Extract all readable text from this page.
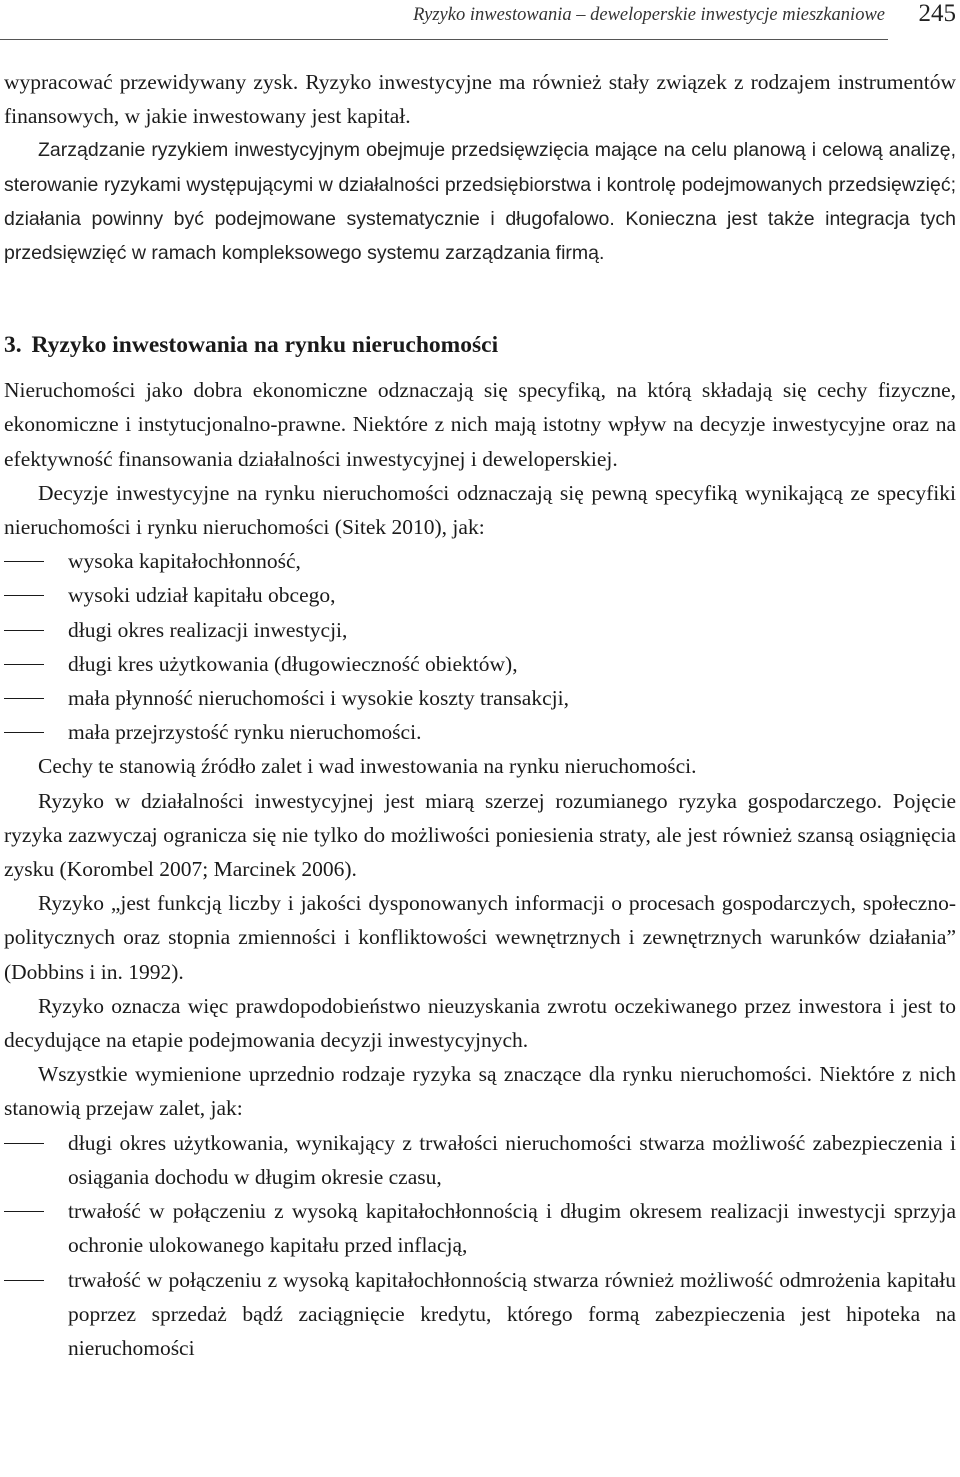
Ryzyko inwestowania – deweloperskie inwestycje mieszkaniowe 245

wypracować przewidywany zysk. Ryzyko inwestycyjne ma również stały związek z rodzajem instrumentów finansowych, w jakie inwestowany jest kapitał.

Zarządzanie ryzykiem inwestycyjnym obejmuje przedsięwzięcia mające na celu planową i celową analizę, sterowanie ryzykami występującymi w działalności przedsiębiorstwa i kontrolę podejmowanych przedsięwzięć; działania powinny być podejmowane systematycznie i długofalowo. Konieczna jest także integracja tych przedsięwzięć w ramach kompleksowego systemu zarządzania firmą.

3. Ryzyko inwestowania na rynku nieruchomości

Nieruchomości jako dobra ekonomiczne odznaczają się specyfiką, na którą składają się cechy fizyczne, ekonomiczne i instytucjonalno-prawne. Niektóre z nich mają istotny wpływ na decyzje inwestycyjne oraz na efektywność finansowania działalności inwestycyjnej i deweloperskiej.

Decyzje inwestycyjne na rynku nieruchomości odznaczają się pewną specyfiką wynikającą ze specyfiki nieruchomości i rynku nieruchomości (Sitek 2010), jak:

wysoka kapitałochłonność,
wysoki udział kapitału obcego,
długi okres realizacji inwestycji,
długi kres użytkowania (długowieczność obiektów),
mała płynność nieruchomości i wysokie koszty transakcji,
mała przejrzystość rynku nieruchomości.

Cechy te stanowią źródło zalet i wad inwestowania na rynku nieruchomości.

Ryzyko w działalności inwestycyjnej jest miarą szerzej rozumianego ryzyka gospodarczego. Pojęcie ryzyka zazwyczaj ogranicza się nie tylko do możliwości poniesienia straty, ale jest również szansą osiągnięcia zysku (Korombel 2007; Marcinek 2006).

Ryzyko „jest funkcją liczby i jakości dysponowanych informacji o procesach gospodarczych, społeczno-politycznych oraz stopnia zmienności i konfliktowości wewnętrznych i zewnętrznych warunków działania” (Dobbins i in. 1992).

Ryzyko oznacza więc prawdopodobieństwo nieuzyskania zwrotu oczekiwanego przez inwestora i jest to decydujące na etapie podejmowania decyzji inwestycyjnych.

Wszystkie wymienione uprzednio rodzaje ryzyka są znaczące dla rynku nieruchomości. Niektóre z nich stanowią przejaw zalet, jak:

długi okres użytkowania, wynikający z trwałości nieruchomości stwarza możliwość zabezpieczenia i osiągania dochodu w długim okresie czasu,
trwałość w połączeniu z wysoką kapitałochłonnością i długim okresem realizacji inwestycji sprzyja ochronie ulokowanego kapitału przed inflacją,
trwałość w połączeniu z wysoką kapitałochłonnością stwarza również możliwość odmrożenia kapitału poprzez sprzedaż bądź zaciągnięcie kredytu, którego formą zabezpieczenia jest hipoteka na nieruchomości
